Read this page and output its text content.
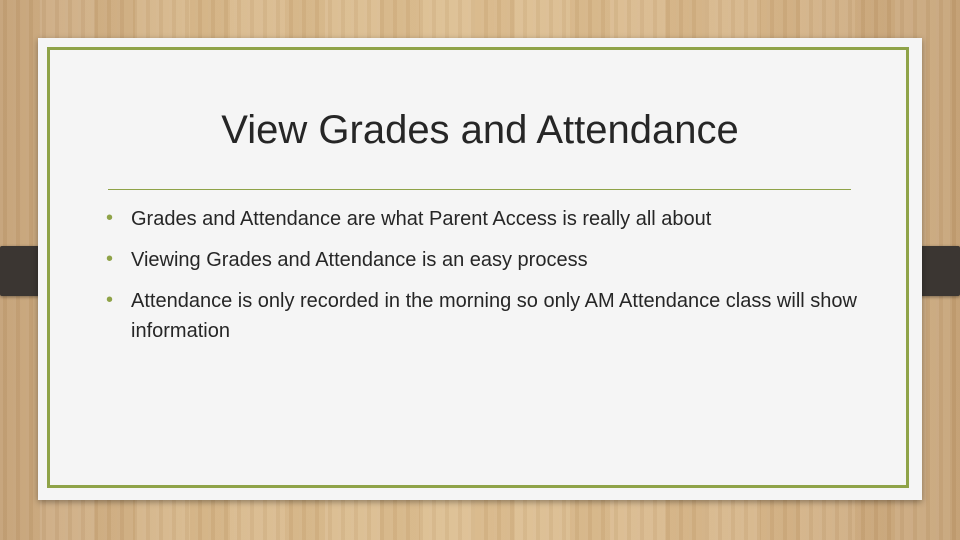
View Grades and Attendance
• Grades and Attendance are what Parent Access is really all about
• Viewing Grades and Attendance is an easy process
• Attendance is only recorded in the morning so only AM Attendance class will show information
